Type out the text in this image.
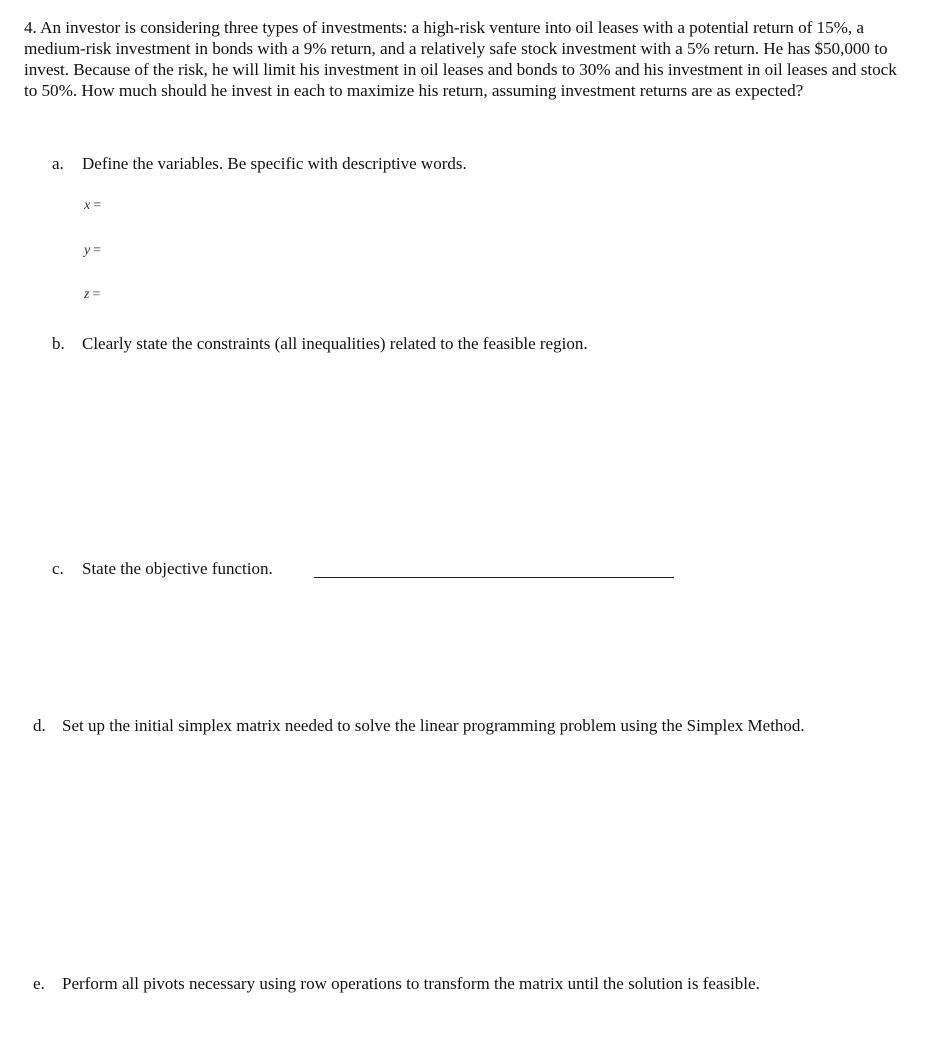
4. An investor is considering three types of investments: a high-risk venture into oil leases with a potential return of 15%, a medium-risk investment in bonds with a 9% return, and a relatively safe stock investment with a 5% return. He has $50,000 to invest. Because of the risk, he will limit his investment in oil leases and bonds to 30% and his investment in oil leases and stock to 50%. How much should he invest in each to maximize his return, assuming investment returns are as expected?
a. Define the variables. Be specific with descriptive words.
x =
y =
z =
b. Clearly state the constraints (all inequalities) related to the feasible region.
c. State the objective function.
d. Set up the initial simplex matrix needed to solve the linear programming problem using the Simplex Method.
e. Perform all pivots necessary using row operations to transform the matrix until the solution is feasible.
